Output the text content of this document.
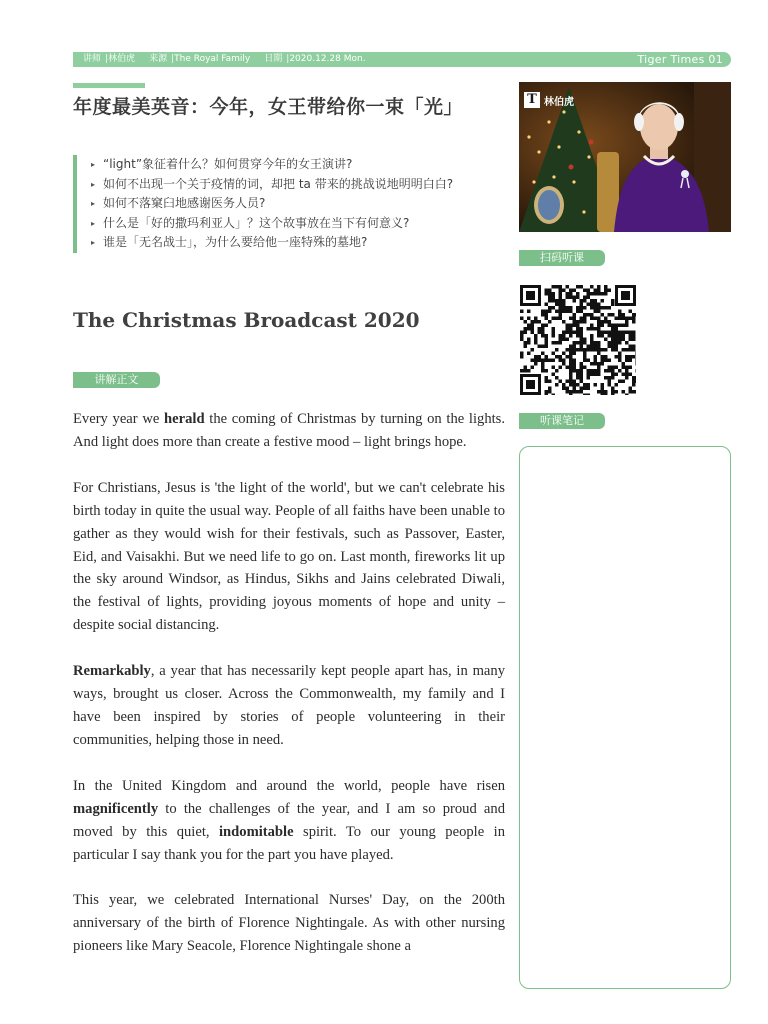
讲师 |林伯虎 来源 |The Royal Family 日期 |2020.12.28 Mon.	Tiger Times 01
年度最美英音：今年，女王带给你一束「光」
▸ “light”象征着什么？如何贯穿今年的女王演讲?
▸ 如何不出现一个关于疫情的词，却把 ta 带来的挑战说地明明白白?
▸ 如何不落窠臼地感谢医务人员?
▸ 什么是「好的撒玛利亚人」？这个故事放在当下有何意义?
▸ 谁是「无名战士」，为什么要给他一座特殊的墓地?
The Christmas Broadcast 2020
讲解正文

Every year we herald the coming of Christmas by turning on the lights. And light does more than create a festive mood – light brings hope.

For Christians, Jesus is 'the light of the world', but we can't celebrate his birth today in quite the usual way. People of all faiths have been unable to gather as they would wish for their festivals, such as Passover, Easter, Eid, and Vaisakhi. But we need life to go on. Last month, fireworks lit up the sky around Windsor, as Hindus, Sikhs and Jains celebrated Diwali, the festival of lights, providing joyous moments of hope and unity – despite social distancing.

Remarkably, a year that has necessarily kept people apart has, in many ways, brought us closer. Across the Commonwealth, my family and I have been inspired by stories of people volunteering in their communities, helping those in need.

In the United Kingdom and around the world, people have risen magnificently to the challenges of the year, and I am so proud and moved by this quiet, indomitable spirit. To our young people in particular I say thank you for the part you have played.

This year, we celebrated International Nurses' Day, on the 200th anniversary of the birth of Florence Nightingale. As with other nursing pioneers like Mary Seacole, Florence Nightingale shone a

T 林伯虎
扫码听课
听课笔记
